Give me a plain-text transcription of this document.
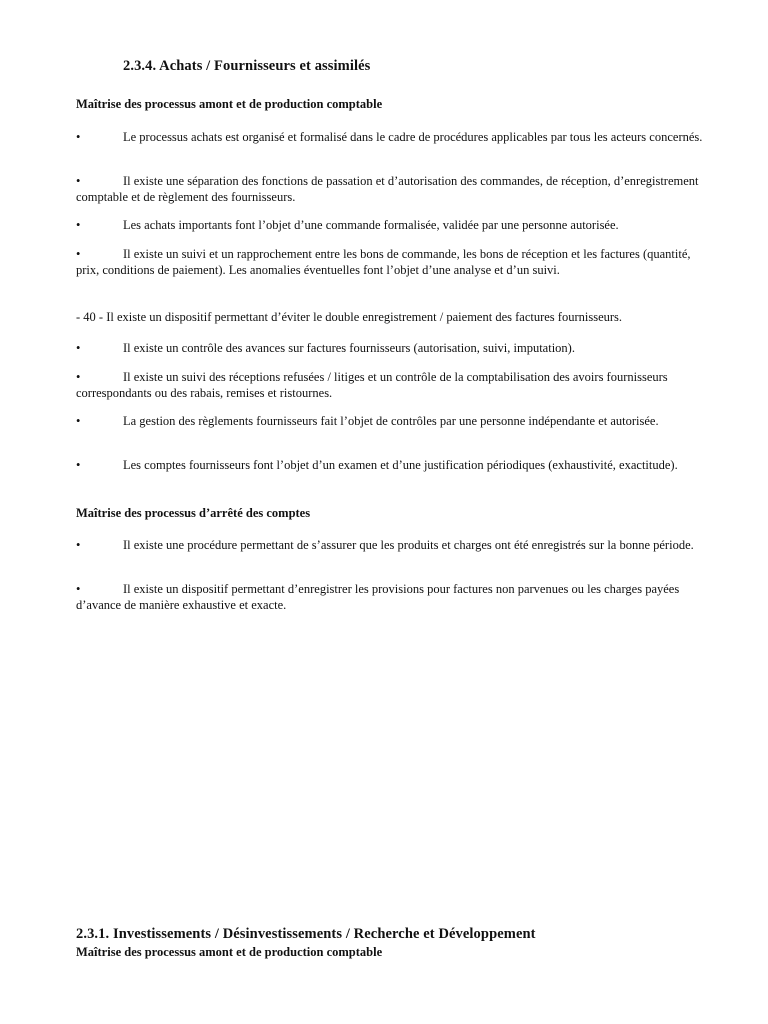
2.3.4. Achats / Fournisseurs et assimilés
Maîtrise des processus amont et de production comptable
•	Le processus achats est organisé et formalisé dans le cadre de procédures applicables par tous les acteurs concernés.
•	Il existe une séparation des fonctions de passation et d’autorisation des commandes, de réception, d’enregistrement comptable et de règlement des fournisseurs.
•	Les achats importants font l’objet d’une commande formalisée, validée par une personne autorisée.
•	Il existe un suivi et un rapprochement entre les bons de commande, les bons de réception et les factures (quantité, prix, conditions de paiement). Les anomalies éventuelles font l’objet d’une analyse et d’un suivi.
- 40 - Il existe un dispositif permettant d’éviter le double enregistrement / paiement des factures fournisseurs.
•	Il existe un contrôle des avances sur factures fournisseurs (autorisation, suivi, imputation).
•	Il existe un suivi des réceptions refusées / litiges et un contrôle de la comptabilisation des avoirs fournisseurs correspondants ou des rabais, remises et ristournes.
•	La gestion des règlements fournisseurs fait l’objet de contrôles par une personne indépendante et autorisée.
•	Les comptes fournisseurs font l’objet d’un examen et d’une justification périodiques (exhaustivité, exactitude).
Maîtrise des processus d’arrêté des comptes
•	Il existe une procédure permettant de s’assurer que les produits et charges ont été enregistrés sur la bonne période.
•	Il existe un dispositif permettant d’enregistrer les provisions pour factures non parvenues ou les charges payées d’avance de manière exhaustive et exacte.
2.3.1. Investissements / Désinvestissements / Recherche et Développement
Maîtrise des processus amont et de production comptable
